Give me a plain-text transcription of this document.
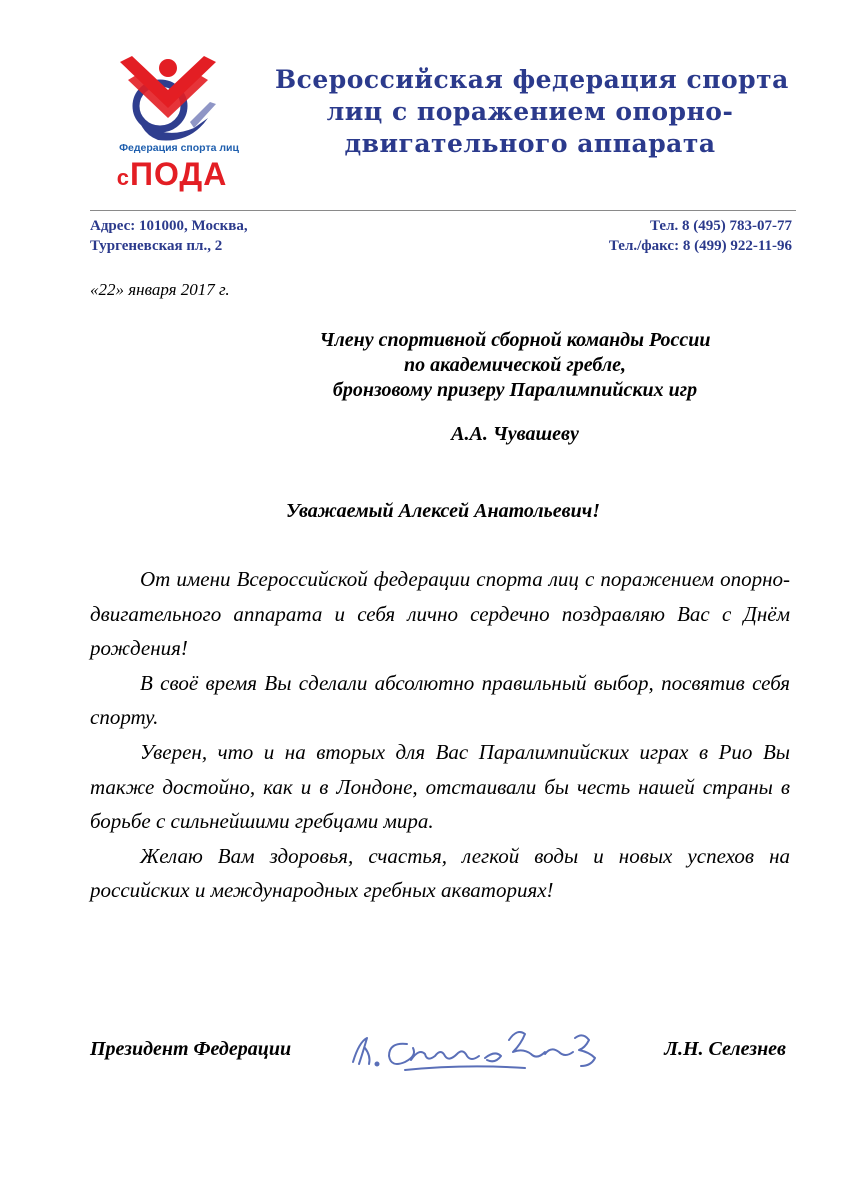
Федерация спорта лиц
сПОДА
Всероссийская федерация спорта
лиц с поражением опорно-
двигательного аппарата
Адрес: 101000, Москва,
Тургеневская пл., 2
Тел. 8 (495) 783-07-77
Тел./факс: 8 (499) 922-11-96
«22» января 2017 г.
Члену спортивной сборной команды России
по академической гребле,
бронзовому призеру Паралимпийских игр
А.А. Чувашеву
Уважаемый Алексей Анатольевич!

От имени Всероссийской федерации спорта лиц с поражением опорно-двигательного аппарата и себя лично сердечно поздравляю Вас с Днём рождения!

В своё время Вы сделали абсолютно правильный выбор, посвятив себя спорту.

Уверен, что и на вторых для Вас Паралимпийских играх в Рио Вы также достойно, как и в Лондоне, отстаивали бы честь нашей страны в борьбе с сильнейшими гребцами мира.

Желаю Вам здоровья, счастья, легкой воды и новых успехов на российских и международных гребных акваториях!

Президент Федерации	Л.Н. Селезнев
